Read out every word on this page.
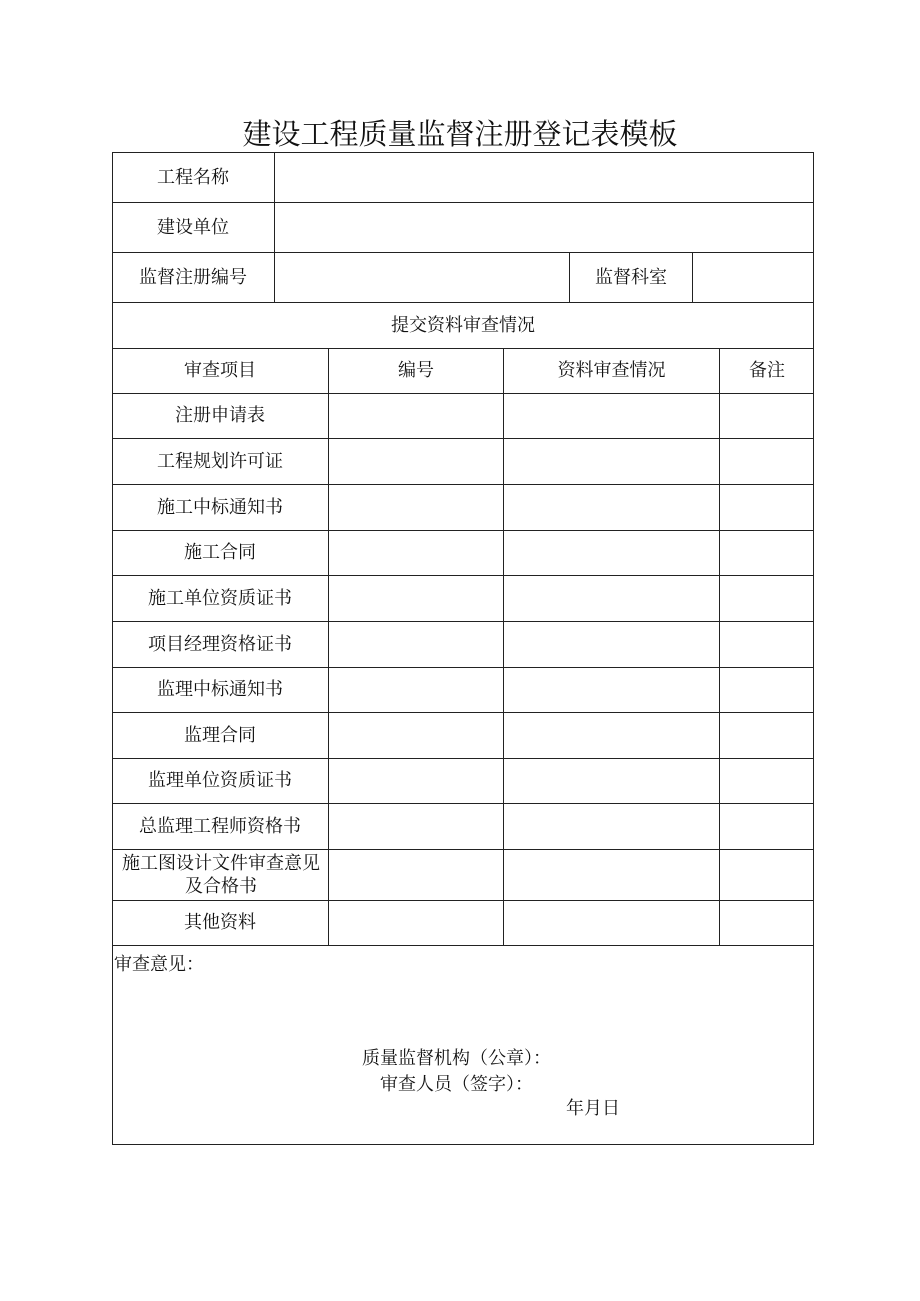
建设工程质量监督注册登记表模板
工程名称
建设单位
监督注册编号	监督科室
提交资料审查情况
审查项目	编号	资料审查情况	备注
注册申请表
工程规划许可证
施工中标通知书
施工合同
施工单位资质证书
项目经理资格证书
监理中标通知书
监理合同
监理单位资质证书
总监理工程师资格书
施工图设计文件审查意见及合格书
其他资料
审查意见：
质量监督机构（公章）：
审查人员（签字）：
年月日
